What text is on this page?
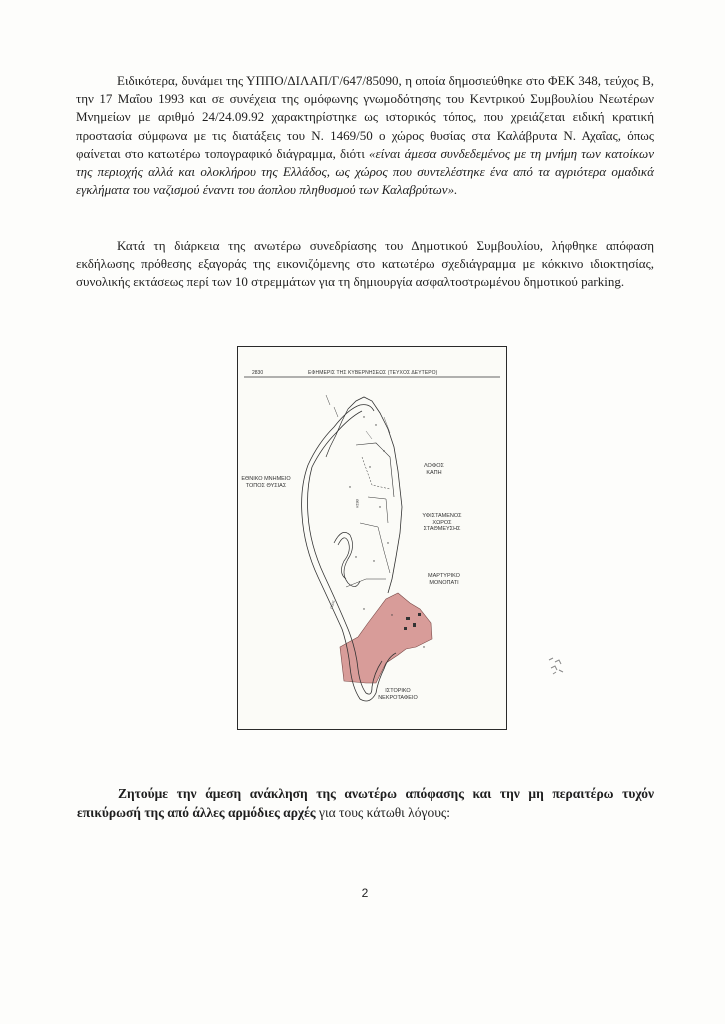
Ειδικότερα, δυνάμει της ΥΠΠΟ/ΔΙΛΑΠ/Γ/647/85090, η οποία δημοσιεύθηκε στο ΦΕΚ 348, τεύχος Β, την 17 Μαΐου 1993 και σε συνέχεια της ομόφωνης γνωμοδότησης του Κεντρικού Συμβουλίου Νεωτέρων Μνημείων με αριθμό 24/24.09.92 χαρακτηρίστηκε ως ιστορικός τόπος, που χρειάζεται ειδική κρατική προστασία σύμφωνα με τις διατάξεις του Ν. 1469/50 ο χώρος θυσίας στα Καλάβρυτα Ν. Αχαΐας, όπως φαίνεται στο κατωτέρω τοπογραφικό διάγραμμα, διότι «είναι άμεσα συνδεδεμένος με τη μνήμη των κατοίκων της περιοχής αλλά και ολοκλήρου της Ελλάδος, ως χώρος που συντελέστηκε ένα από τα αγριότερα ομαδικά εγκλήματα του ναζισμού έναντι του άοπλου πληθυσμού των Καλαβρύτων».

Κατά τη διάρκεια της ανωτέρω συνεδρίασης του Δημοτικού Συμβουλίου, λήφθηκε απόφαση εκδήλωσης πρόθεσης εξαγοράς της εικονιζόμενης στο κατωτέρω σχεδιάγραμμα με κόκκινο ιδιοκτησίας, συνολικής εκτάσεως περί των 10 στρεμμάτων για τη δημιουργία ασφαλτοστρωμένου δημοτικού parking.

ΘΕΣΗ
ΟΔΟΣ
2830	ΕΦΗΜΕΡΙΣ ΤΗΣ ΚΥΒΕΡΝΗΣΕΩΣ (ΤΕΥΧΟΣ ΔΕΥΤΕΡΟ)
ΛΟΦΟΣ
ΚΑΠΗ
ΕΘΝΙΚΟ ΜΝΗΜΕΙΟ
ΤΟΠΟΣ ΘΥΣΙΑΣ
ΥΦΙΣΤΑΜΕΝΟΣ
ΧΩΡΟΣ
ΣΤΑΘΜΕΥΣΗΣ
ΜΑΡΤΥΡΙΚΟ
ΜΟΝΟΠΑΤΙ
ΙΣΤΟΡΙΚΟ
ΝΕΚΡΟΤΑΦΕΙΟ

Ζητούμε την άμεση ανάκληση της ανωτέρω απόφασης και την μη περαιτέρω τυχόν επικύρωσή της από άλλες αρμόδιες αρχές για τους κάτωθι λόγους:

2
